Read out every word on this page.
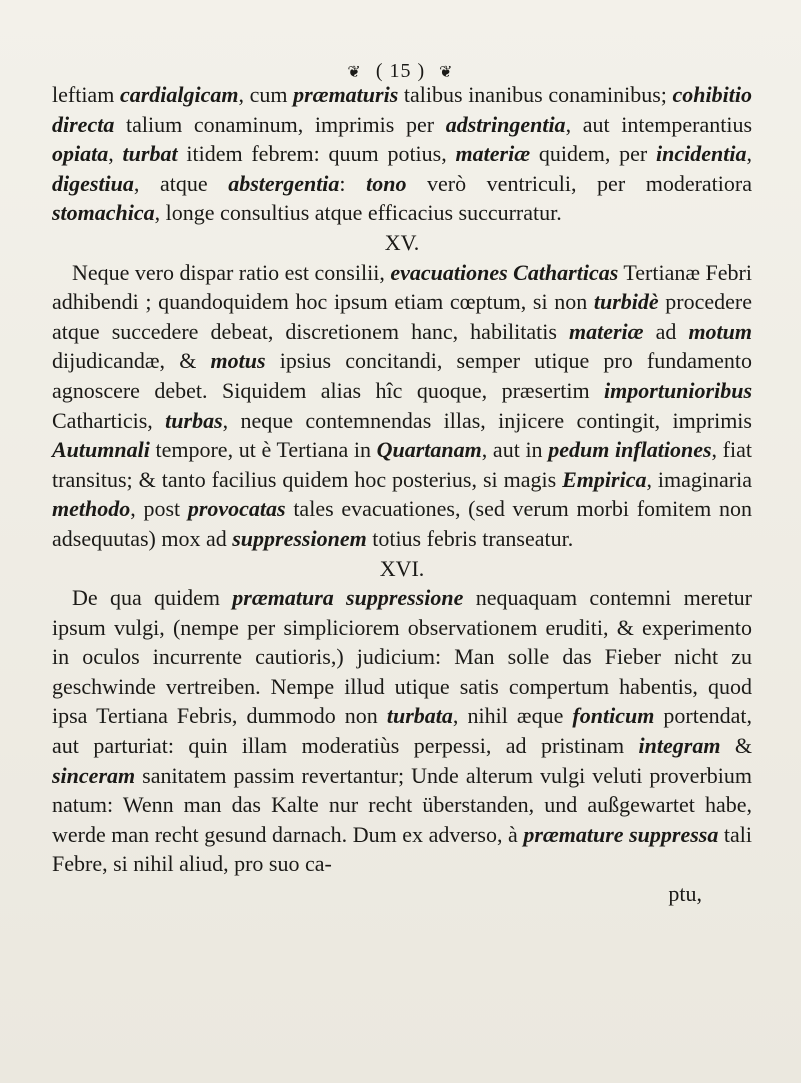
❦ ( 15 ) ❦

leftiam cardialgicam, cum præmaturis talibus inanibus conaminibus; cohibitio directa talium conaminum, imprimis per adstringentia, aut intemperantius opiata, turbat itidem febrem: quum potius, materiæ quidem, per incidentia, digestiua, atque abstergentia: tono verò ventriculi, per moderatiora stomachica, longe consultius atque efficacius succurratur.

XV.

Neque vero dispar ratio est consilii, evacuationes Catharticas Tertianæ Febri adhibendi ; quandoquidem hoc ipsum etiam cœptum, si non turbidè procedere atque succedere debeat, discretionem hanc, habilitatis materiæ ad motum dijudicandæ, & motus ipsius concitandi, semper utique pro fundamento agnoscere debet. Siquidem alias hîc quoque, præsertim importunioribus Catharticis, turbas, neque contemnendas illas, injicere contingit, imprimis Autumnali tempore, ut è Tertiana in Quartanam, aut in pedum inflationes, fiat transitus; & tanto facilius quidem hoc posterius, si magis Empirica, imaginaria methodo, post provocatas tales evacuationes, (sed verum morbi fomitem non adsequutas) mox ad suppressionem totius febris transeatur.

XVI.

De qua quidem præmatura suppressione nequaquam contemni meretur ipsum vulgi, (nempe per simpliciorem observationem eruditi, & experimento in oculos incurrente cautioris,) judicium: Man solle das Fieber nicht zu geschwinde vertreiben. Nempe illud utique satis compertum habentis, quod ipsa Tertiana Febris, dummodo non turbata, nihil æque fonticum portendat, aut parturiat: quin illam moderatiùs perpessi, ad pristinam integram & sinceram sanitatem passim revertantur; Unde alterum vulgi veluti proverbium natum: Wenn man das Kalte nur recht überstanden, und außgewartet habe, werde man recht gesund darnach. Dum ex adverso, à præmature suppressa tali Febre, si nihil aliud, pro suo ca-

ptu,
